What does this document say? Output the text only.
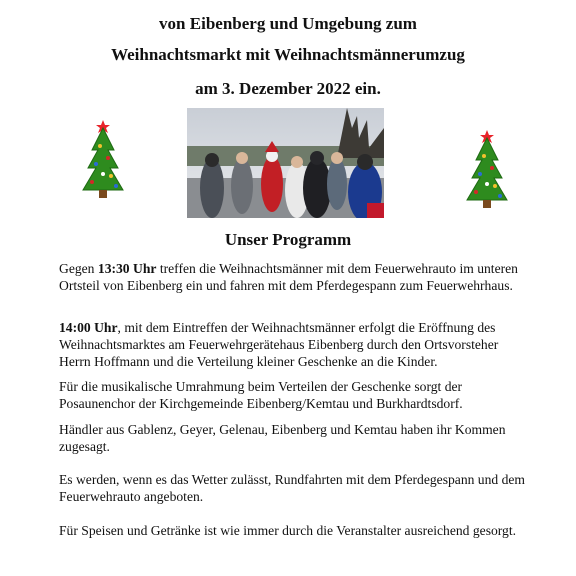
von Eibenberg und Umgebung zum
Weihnachtsmarkt mit Weihnachtsmännerumzug
am 3. Dezember 2022 ein.
Unser Programm

Gegen 13:30 Uhr treffen die Weihnachtsmänner mit dem Feuerwehrauto im unteren Ortsteil von Eibenberg ein und fahren mit dem Pferdegespann zum Feuerwehrhaus.

14:00 Uhr, mit dem Eintreffen der Weihnachtsmänner erfolgt die Eröffnung des Weihnachtsmarktes am Feuerwehrgerätehaus Eibenberg durch den Ortsvorsteher Herrn Hoffmann und die Verteilung kleiner Geschenke an die Kinder.

Für die musikalische Umrahmung beim Verteilen der Geschenke sorgt der Posaunenchor der Kirchgemeinde Eibenberg/Kemtau und Burkhardtsdorf.

Händler aus Gablenz, Geyer, Gelenau, Eibenberg und Kemtau haben ihr Kommen zugesagt.

Es werden, wenn es das Wetter zulässt, Rundfahrten mit dem Pferdegespann und dem Feuerwehrauto angeboten.

Für Speisen und Getränke ist wie immer durch die Veranstalter ausreichend gesorgt.
